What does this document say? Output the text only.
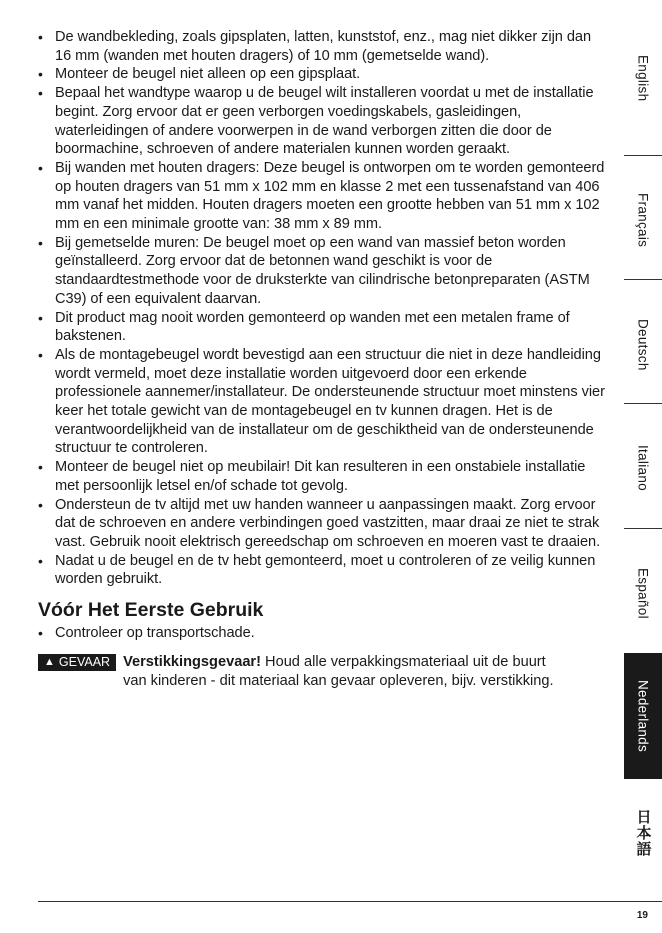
• De wandbekleding, zoals gipsplaten, latten, kunststof, enz., mag niet dikker zijn dan 16 mm (wanden met houten dragers) of 10 mm (gemetselde wand).
• Monteer de beugel niet alleen op een gipsplaat.
• Bepaal het wandtype waarop u de beugel wilt installeren voordat u met de installatie begint. Zorg ervoor dat er geen verborgen voedingskabels, gasleidingen, waterleidingen of andere voorwerpen in de wand verborgen zitten die door de boormachine, schroeven of andere materialen kunnen worden geraakt.
• Bij wanden met houten dragers: Deze beugel is ontworpen om te worden gemonteerd op houten dragers van 51 mm x 102 mm en klasse 2 met een tussenafstand van 406 mm vanaf het midden. Houten dragers moeten een grootte hebben van 51 mm x 102 mm en een minimale grootte van: 38 mm x 89 mm.
• Bij gemetselde muren: De beugel moet op een wand van massief beton worden geïnstalleerd. Zorg ervoor dat de betonnen wand geschikt is voor de standaardtestmethode voor de druksterkte van cilindrische betonpreparaten (ASTM C39) of een equivalent daarvan.
• Dit product mag nooit worden gemonteerd op wanden met een metalen frame of bakstenen.
• Als de montagebeugel wordt bevestigd aan een structuur die niet in deze handleiding wordt vermeld, moet deze installatie worden uitgevoerd door een erkende professionele aannemer/installateur. De ondersteunende structuur moet minstens vier keer het totale gewicht van de montagebeugel en tv kunnen dragen. Het is de verantwoordelijkheid van de installateur om de geschiktheid van de ondersteunende structuur te controleren.
• Monteer de beugel niet op meubilair! Dit kan resulteren in een onstabiele installatie met persoonlijk letsel en/of schade tot gevolg.
• Ondersteun de tv altijd met uw handen wanneer u aanpassingen maakt. Zorg ervoor dat de schroeven en andere verbindingen goed vastzitten, maar draai ze niet te strak vast. Gebruik nooit elektrisch gereedschap om schroeven en moeren vast te draaien.
• Nadat u de beugel en de tv hebt gemonteerd, moet u controleren of ze veilig kunnen worden gebruikt.
Vóór Het Eerste Gebruik
• Controleer op transportschade.
▲ GEVAAR Verstikkingsgevaar! Houd alle verpakkingsmateriaal uit de buurt van kinderen - dit materiaal kan gevaar opleveren, bijv. verstikking.
English
Français
Deutsch
Italiano
Español
Nederlands
日本語
19
